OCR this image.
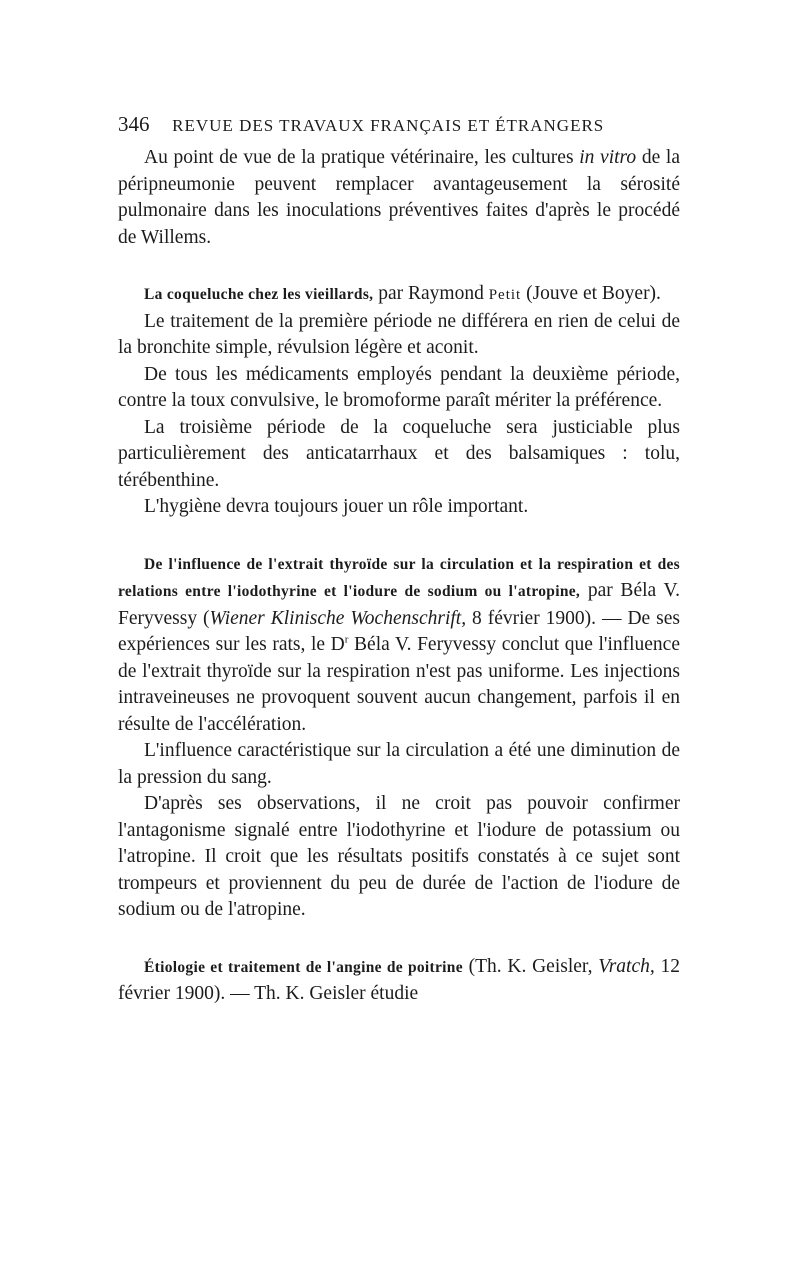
346 REVUE DES TRAVAUX FRANÇAIS ET ÉTRANGERS

Au point de vue de la pratique vétérinaire, les cultures in vitro de la péripneumonie peuvent remplacer avantageusement la sérosité pulmonaire dans les inoculations préventives faites d'après le procédé de Willems.

La coqueluche chez les vieillards, par Raymond Petit (Jouve et Boyer).

Le traitement de la première période ne différera en rien de celui de la bronchite simple, révulsion légère et aconit.

De tous les médicaments employés pendant la deuxième période, contre la toux convulsive, le bromoforme paraît mériter la préférence.

La troisième période de la coqueluche sera justiciable plus particulièrement des anticatarrhaux et des balsamiques : tolu, térébenthine.

L'hygiène devra toujours jouer un rôle important.

De l'influence de l'extrait thyroïde sur la circulation et la respiration et des relations entre l'iodothyrine et l'iodure de sodium ou l'atropine, par Béla V. Feryvessy (Wiener Klinische Wochenschrift, 8 février 1900). — De ses expériences sur les rats, le $D^r$ Béla V. Feryvessy conclut que l'influence de l'extrait thyroïde sur la respiration n'est pas uniforme. Les injections intraveineuses ne provoquent souvent aucun changement, parfois il en résulte de l'accélération.

L'influence caractéristique sur la circulation a été une diminution de la pression du sang.

D'après ses observations, il ne croit pas pouvoir confirmer l'antagonisme signalé entre l'iodothyrine et l'iodure de potassium ou l'atropine. Il croit que les résultats positifs constatés à ce sujet sont trompeurs et proviennent du peu de durée de l'action de l'iodure de sodium ou de l'atropine.

Étiologie et traitement de l'angine de poitrine (Th. K. Geisler, Vratch, 12 février 1900). — Th. K. Geisler étudie
